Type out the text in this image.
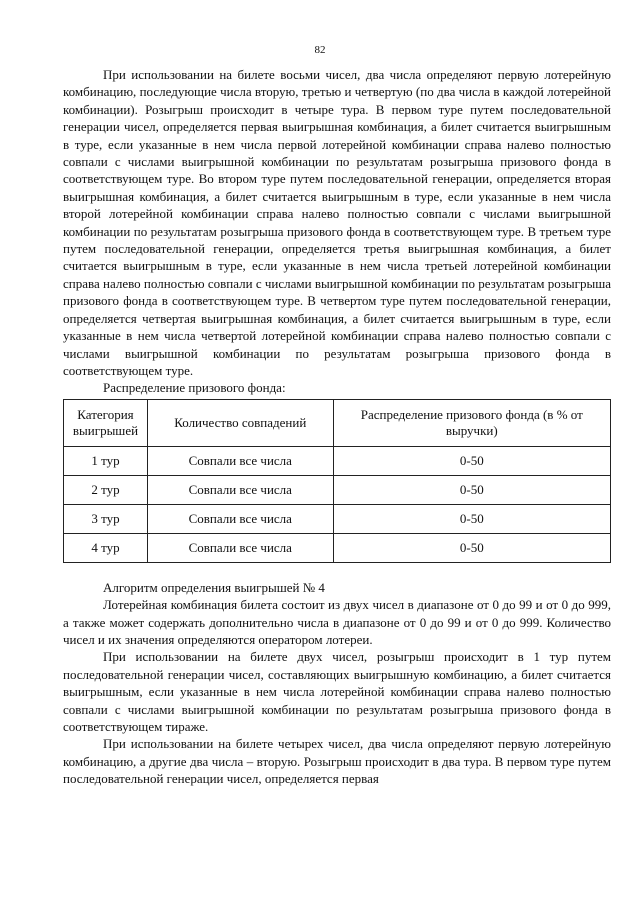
82

При использовании на билете восьми чисел, два числа определяют первую лотерейную комбинацию, последующие числа вторую, третью и четвертую (по два числа в каждой лотерейной комбинации). Розыгрыш происходит в четыре тура. В первом туре путем последовательной генерации чисел, определяется первая выигрышная комбинация, а билет считается выигрышным в туре, если указанные в нем числа первой лотерейной комбинации справа налево полностью совпали с числами выигрышной комбинации по результатам розыгрыша призового фонда в соответствующем туре. Во втором туре путем последовательной генерации, определяется вторая выигрышная комбинация, а билет считается выигрышным в туре, если указанные в нем числа второй лотерейной комбинации справа налево полностью совпали с числами выигрышной комбинации по результатам розыгрыша призового фонда в соответствующем туре. В третьем туре путем последовательной генерации, определяется третья выигрышная комбинация, а билет считается выигрышным в туре, если указанные в нем числа третьей лотерейной комбинации справа налево полностью совпали с числами выигрышной комбинации по результатам розыгрыша призового фонда в соответствующем туре. В четвертом туре путем последовательной генерации, определяется четвертая выигрышная комбинация, а билет считается выигрышным в туре, если указанные в нем числа четвертой лотерейной комбинации справа налево полностью совпали с числами выигрышной комбинации по результатам розыгрыша призового фонда в соответствующем туре.

Распределение призового фонда:
Категория выигрышей	Количество совпадений	Распределение призового фонда (в % от выручки)
1 тур	Совпали все числа	0-50
2 тур	Совпали все числа	0-50
3 тур	Совпали все числа	0-50
4 тур	Совпали все числа	0-50
Алгоритм определения выигрышей № 4

Лотерейная комбинация билета состоит из двух чисел в диапазоне от 0 до 99 и от 0 до 999, а также может содержать дополнительно числа в диапазоне от 0 до 99 и от 0 до 999. Количество чисел и их значения определяются оператором лотереи.

При использовании на билете двух чисел, розыгрыш происходит в 1 тур путем последовательной генерации чисел, составляющих выигрышную комбинацию, а билет считается выигрышным, если указанные в нем числа лотерейной комбинации справа налево полностью совпали с числами выигрышной комбинации по результатам розыгрыша призового фонда в соответствующем тираже.

При использовании на билете четырех чисел, два числа определяют первую лотерейную комбинацию, а другие два числа – вторую. Розыгрыш происходит в два тура. В первом туре путем последовательной генерации чисел, определяется первая
